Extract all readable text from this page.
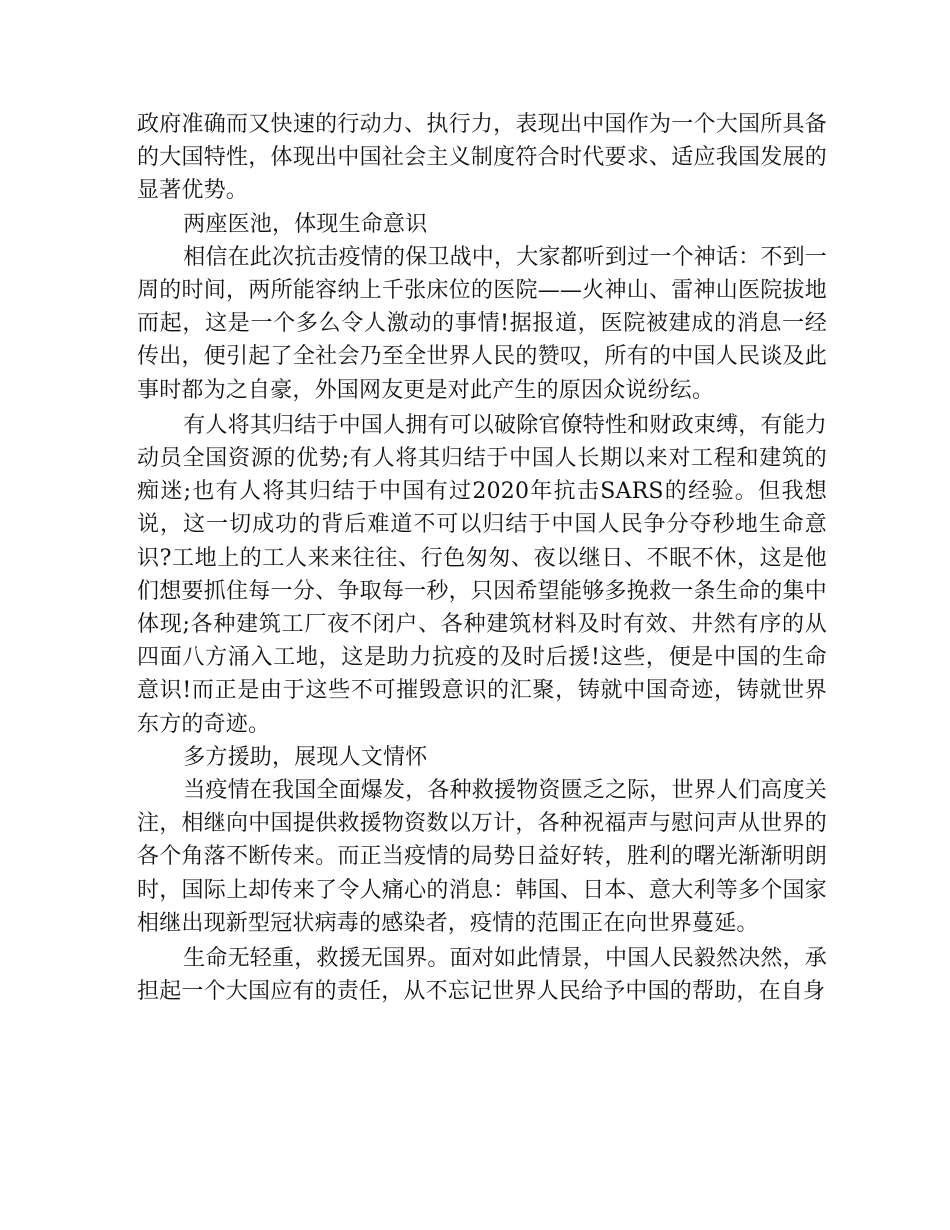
政府准确而又快速的行动力、执行力，表现出中国作为一个大国所具备的大国特性，体现出中国社会主义制度符合时代要求、适应我国发展的显著优势。

两座医池，体现生命意识

相信在此次抗击疫情的保卫战中，大家都听到过一个神话：不到一周的时间，两所能容纳上千张床位的医院——火神山、雷神山医院拔地而起，这是一个多么令人激动的事情!据报道，医院被建成的消息一经传出，便引起了全社会乃至全世界人民的赞叹，所有的中国人民谈及此事时都为之自豪，外国网友更是对此产生的原因众说纷纭。

有人将其归结于中国人拥有可以破除官僚特性和财政束缚，有能力动员全国资源的优势;有人将其归结于中国人长期以来对工程和建筑的痴迷;也有人将其归结于中国有过2020年抗击SARS的经验。但我想说，这一切成功的背后难道不可以归结于中国人民争分夺秒地生命意识?工地上的工人来来往往、行色匆匆、夜以继日、不眠不休，这是他们想要抓住每一分、争取每一秒，只因希望能够多挽救一条生命的集中体现;各种建筑工厂夜不闭户、各种建筑材料及时有效、井然有序的从四面八方涌入工地，这是助力抗疫的及时后援!这些，便是中国的生命意识!而正是由于这些不可摧毁意识的汇聚，铸就中国奇迹，铸就世界东方的奇迹。

多方援助，展现人文情怀

当疫情在我国全面爆发，各种救援物资匮乏之际，世界人们高度关注，相继向中国提供救援物资数以万计，各种祝福声与慰问声从世界的各个角落不断传来。而正当疫情的局势日益好转，胜利的曙光渐渐明朗时，国际上却传来了令人痛心的消息：韩国、日本、意大利等多个国家相继出现新型冠状病毒的感染者，疫情的范围正在向世界蔓延。

生命无轻重，救援无国界。面对如此情景，中国人民毅然决然，承担起一个大国应有的责任，从不忘记世界人民给予中国的帮助，在自身
